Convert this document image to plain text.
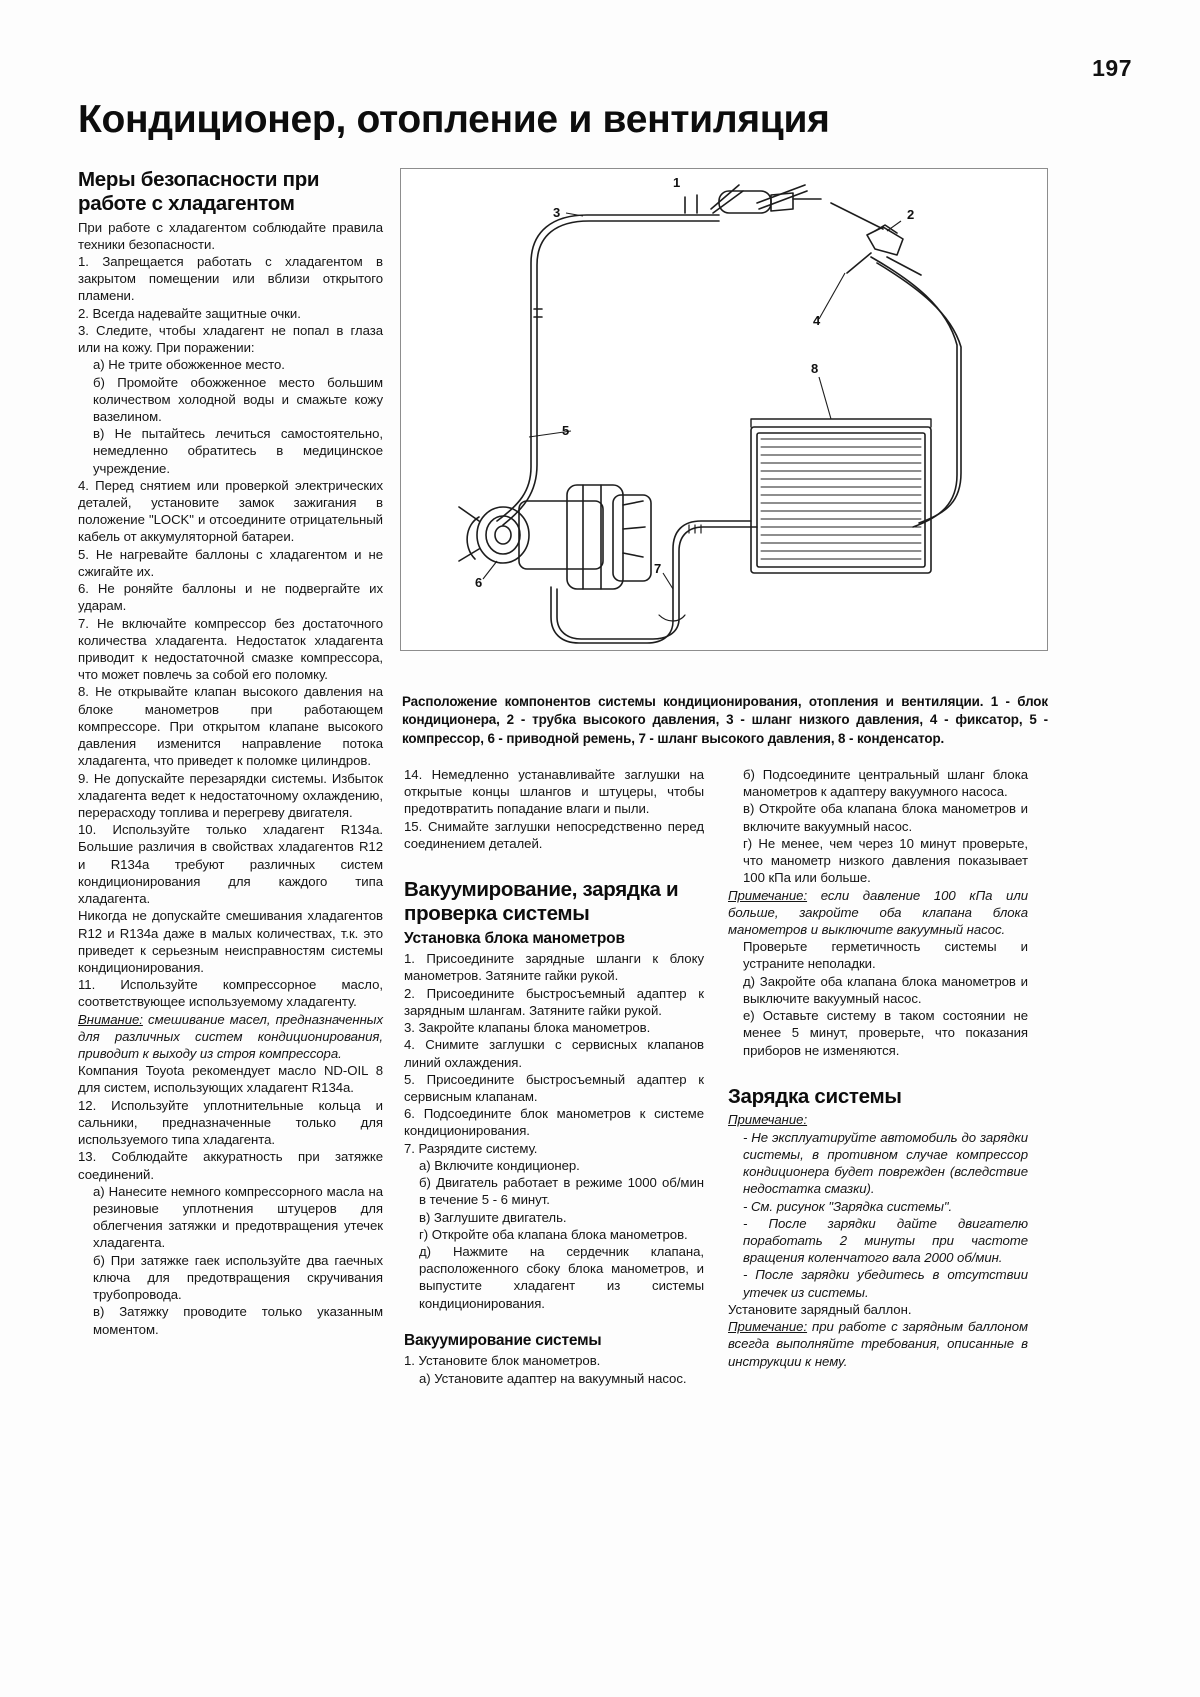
197
Кондиционер, отопление и вентиляция
3	2
4
5
6
7
8
1
Расположение компонентов системы кондиционирования, отопления и вентиляции. 1 - блок кондиционера, 2 - трубка высокого давления, 3 - шланг низкого давления, 4 - фиксатор, 5 - компрессор, 6 - приводной ремень, 7 - шланг высокого давления, 8 - конденсатор.
Меры безопасности при работе с хладагентом

При работе с хладагентом соблюдайте правила техники безопасности.

1. Запрещается работать с хладагентом в закрытом помещении или вблизи открытого пламени.

2. Всегда надевайте защитные очки.

3. Следите, чтобы хладагент не попал в глаза или на кожу. При поражении:

а) Не трите обожженное место.

б) Промойте обожженное место большим количеством холодной воды и смажьте кожу вазелином.

в) Не пытайтесь лечиться самостоятельно, немедленно обратитесь в медицинское учреждение.

4. Перед снятием или проверкой электрических деталей, установите замок зажигания в положение "LOCK" и отсоедините отрицательный кабель от аккумуляторной батареи.

5. Не нагревайте баллоны с хладагентом и не сжигайте их.

6. Не роняйте баллоны и не подвергайте их ударам.

7. Не включайте компрессор без достаточного количества хладагента. Недостаток хладагента приводит к недостаточной смазке компрессора, что может повлечь за собой его поломку.

8. Не открывайте клапан высокого давления на блоке манометров при работающем компрессоре. При открытом клапане высокого давления изменится направление потока хладагента, что приведет к поломке цилиндров.

9. Не допускайте перезарядки системы. Избыток хладагента ведет к недостаточному охлаждению, перерасходу топлива и перегреву двигателя.

10. Используйте только хладагент R134a. Большие различия в свойствах хладагентов R12 и R134a требуют различных систем кондиционирования для каждого типа хладагента.

Никогда не допускайте смешивания хладагентов R12 и R134a даже в малых количествах, т.к. это приведет к серьезным неисправностям системы кондиционирования.

11. Используйте компрессорное масло, соответствующее используемому хладагенту.

Внимание: смешивание масел, предназначенных для различных систем кондиционирования, приводит к выходу из строя компрессора.

Компания Toyota рекомендует масло ND-OIL 8 для систем, использующих хладагент R134a.

12. Используйте уплотнительные кольца и сальники, предназначенные только для используемого типа хладагента.

13. Соблюдайте аккуратность при затяжке соединений.

а) Нанесите немного компрессорного масла на резиновые уплотнения штуцеров для облегчения затяжки и предотвращения утечек хладагента.

б) При затяжке гаек используйте два гаечных ключа для предотвращения скручивания трубопровода.

в) Затяжку проводите только указанным моментом.

14. Немедленно устанавливайте заглушки на открытые концы шлангов и штуцеры, чтобы предотвратить попадание влаги и пыли.

15. Снимайте заглушки непосредственно перед соединением деталей.

Вакуумирование, зарядка и проверка системы
Установка блока манометров

1. Присоедините зарядные шланги к блоку манометров. Затяните гайки рукой.

2. Присоедините быстросъемный адаптер к зарядным шлангам. Затяните гайки рукой.

3. Закройте клапаны блока манометров.

4. Снимите заглушки с сервисных клапанов линий охлаждения.

5. Присоедините быстросъемный адаптер к сервисным клапанам.

6. Подсоедините блок манометров к системе кондиционирования.

7. Разрядите систему.

а) Включите кондиционер.

б) Двигатель работает в режиме 1000 об/мин в течение 5 - 6 минут.

в) Заглушите двигатель.

г) Откройте оба клапана блока манометров.

д) Нажмите на сердечник клапана, расположенного сбоку блока манометров, и выпустите хладагент из системы кондиционирования.

Вакуумирование системы

1. Установите блок манометров.

а) Установите адаптер на вакуумный насос.

б) Подсоедините центральный шланг блока манометров к адаптеру вакуумного насоса.

в) Откройте оба клапана блока манометров и включите вакуумный насос.

г) Не менее, чем через 10 минут проверьте, что манометр низкого давления показывает 100 кПа или больше.

Примечание: если давление 100 кПа или больше, закройте оба клапана блока манометров и выключите вакуумный насос.

Проверьте герметичность системы и устраните неполадки.

д) Закройте оба клапана блока манометров и выключите вакуумный насос.

е) Оставьте систему в таком состоянии не менее 5 минут, проверьте, что показания приборов не изменяются.

Зарядка системы

Примечание:

- Не эксплуатируйте автомобиль до зарядки системы, в противном случае компрессор кондиционера будет поврежден (вследствие недостатка смазки).

- См. рисунок "Зарядка системы".

- После зарядки дайте двигателю поработать 2 минуты при частоте вращения коленчатого вала 2000 об/мин.

- После зарядки убедитесь в отсутствии утечек из системы.

Установите зарядный баллон.

Примечание: при работе с зарядным баллоном всегда выполняйте требования, описанные в инструкции к нему.
